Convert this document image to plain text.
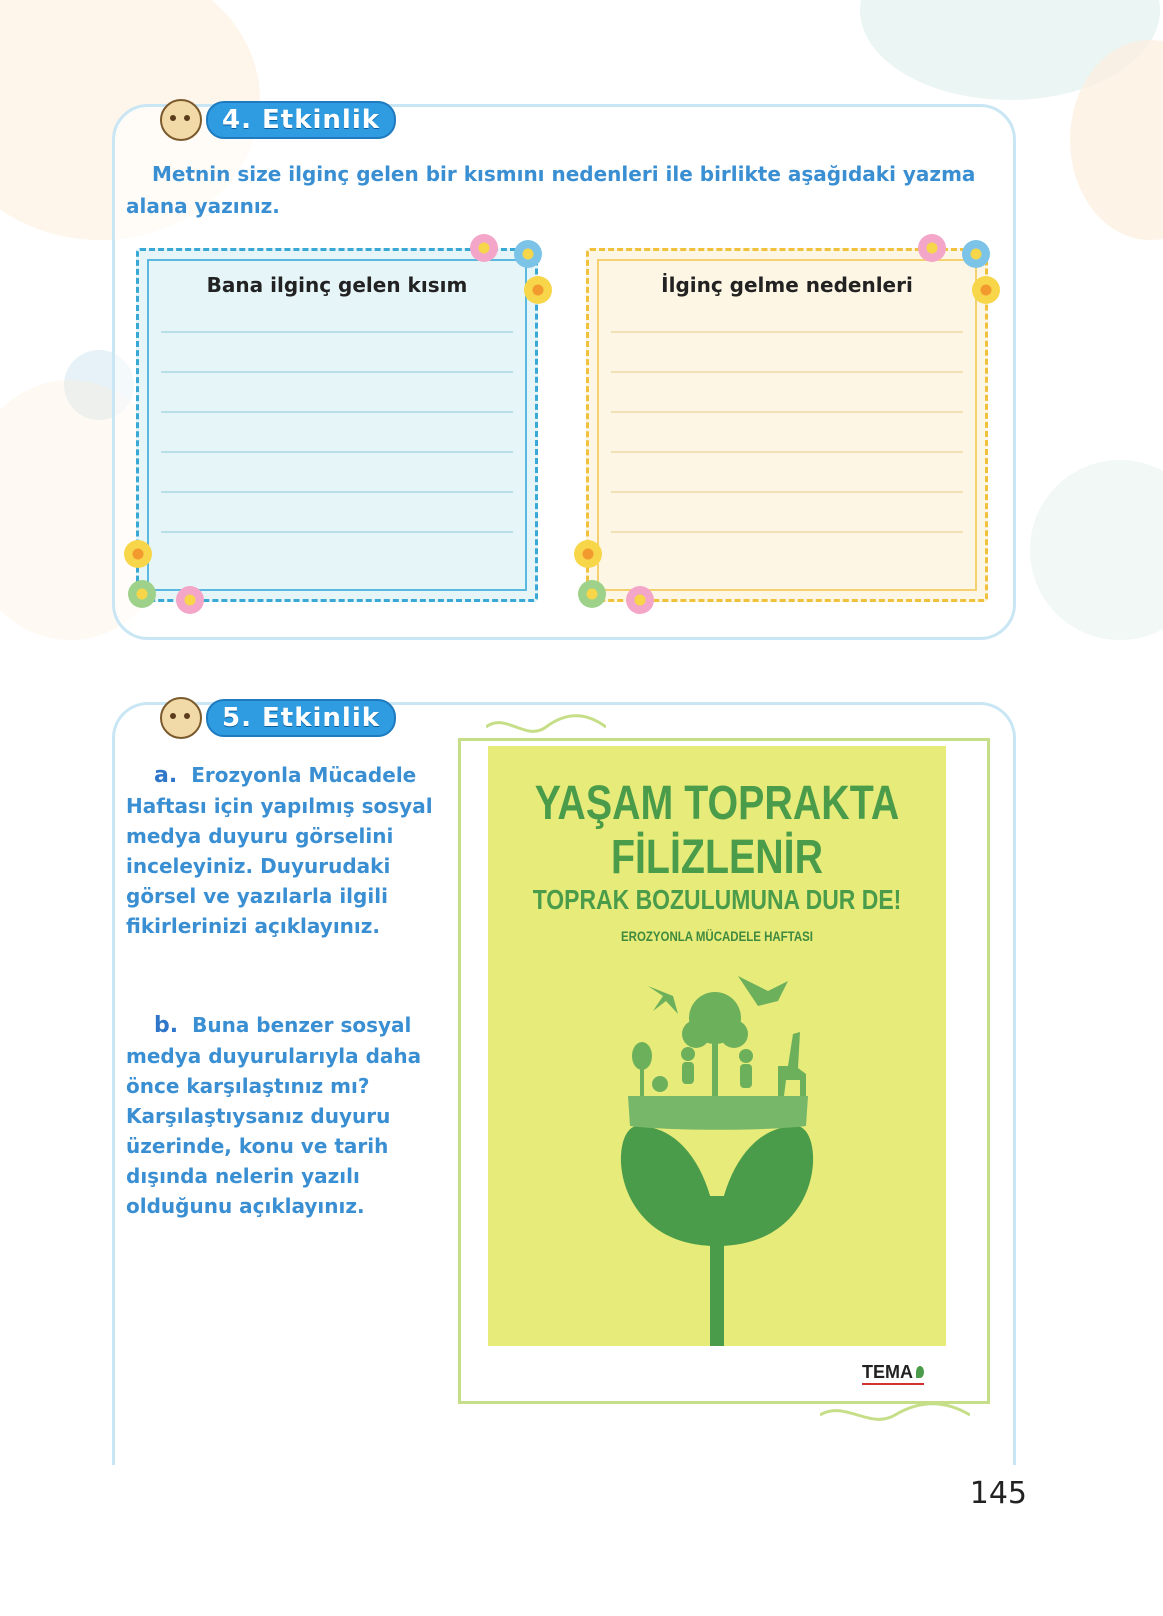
4. Etkinlik
Metnin size ilginç gelen bir kısmını nedenleri ile birlikte aşağıdaki yazma alana yazınız.
Bana ilginç gelen kısım	İlginç gelme nedenleri
5. Etkinlik
a. Erozyonla Mücadele Haftası için yapılmış sosyal medya duyuru görselini inceleyiniz. Duyurudaki görsel ve yazılarla ilgili fikirlerinizi açıklayınız.
b. Buna benzer sosyal medya duyurularıyla daha önce karşılaştınız mı? Karşılaştıysanız duyuru üzerinde, konu ve tarih dışında nelerin yazılı olduğunu açıklayınız.
YAŞAM TOPRAKTA
FİLİZLENİR
TOPRAK BOZULUMUNA DUR DE!
EROZYONLA MÜCADELE HAFTASI
TEMA
145
